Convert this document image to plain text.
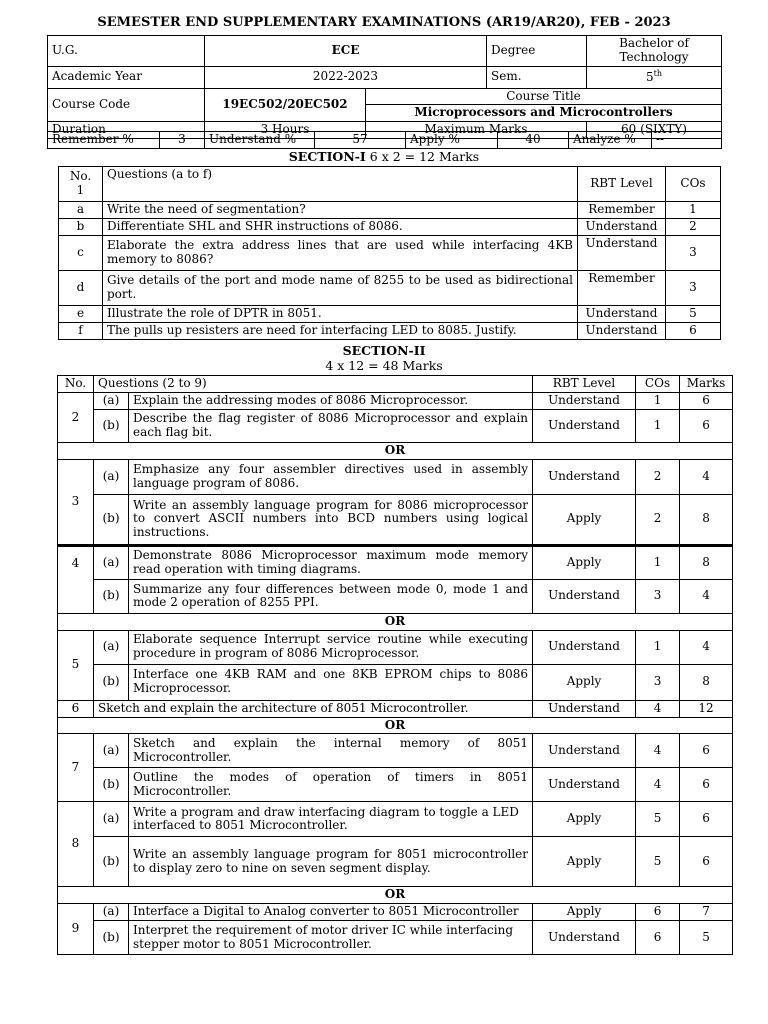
SEMESTER END SUPPLEMENTARY EXAMINATIONS (AR19/AR20), FEB - 2023
U.G.	ECE		Degree	Bachelor of Technology
Academic Year	2022-2023		Sem.	5th
Course Code	19EC502/20EC502	Course Title		
		Microprocessors and Microcontrollers		
Duration	3 Hours	Maximum Marks		60 (SIXTY)
Remember %	3	Understand %	57	Apply %	40	Analyze %	--
SECTION-I 6 x 2 = 12 Marks
No.
1	Questions (a to f)	RBT Level	COs
a	Write the need of segmentation?	Remember	1
b	Differentiate SHL and SHR instructions of 8086.	Understand	2
c	Elaborate the extra address lines that are used while interfacing 4KB memory to 8086?	Understand	3
d	Give details of the port and mode name of 8255 to be used as bidirectional port.	Remember	3
e	Illustrate the role of DPTR in 8051.	Understand	5
f	The pulls up resisters are need for interfacing LED to 8085. Justify.	Understand	6
SECTION-II
4 x 12 = 48 Marks
No.	Questions (2 to 9)		RBT Level	COs	Marks
2	(a)	Explain the addressing modes of 8086 Microprocessor.	Understand	1	6
	(b)	Describe the flag register of 8086 Microprocessor and explain each flag bit.	Understand	1	6
OR					
3	(a)	Emphasize any four assembler directives used in assembly language program of 8086.	Understand	2	4
	(b)	Write an assembly language program for 8086 microprocessor to convert ASCII numbers into BCD numbers using logical instructions.	Apply	2	8
4	(a)	Demonstrate 8086 Microprocessor maximum mode memory read operation with timing diagrams.	Apply	1	8
	(b)	Summarize any four differences between mode 0, mode 1 and mode 2 operation of 8255 PPI.	Understand	3	4
OR					
5	(a)	Elaborate sequence Interrupt service routine while executing procedure in program of 8086 Microprocessor.	Understand	1	4
	(b)	Interface one 4KB RAM and one 8KB EPROM chips to 8086 Microprocessor.	Apply	3	8
6	Sketch and explain the architecture of 8051 Microcontroller.		Understand	4	12
OR					
7	(a)	Sketch and explain the internal memory of 8051 Microcontroller.	Understand	4	6
	(b)	Outline the modes of operation of timers in 8051 Microcontroller.	Understand	4	6
8	(a)	Write a program and draw interfacing diagram to toggle a LED interfaced to 8051 Microcontroller.	Apply	5	6
	(b)	Write an assembly language program for 8051 microcontroller to display zero to nine on seven segment display.	Apply	5	6
OR					
9	(a)	Interface a Digital to Analog converter to 8051 Microcontroller	Apply	6	7
	(b)	Interpret the requirement of motor driver IC while interfacing stepper motor to 8051 Microcontroller.	Understand	6	5
